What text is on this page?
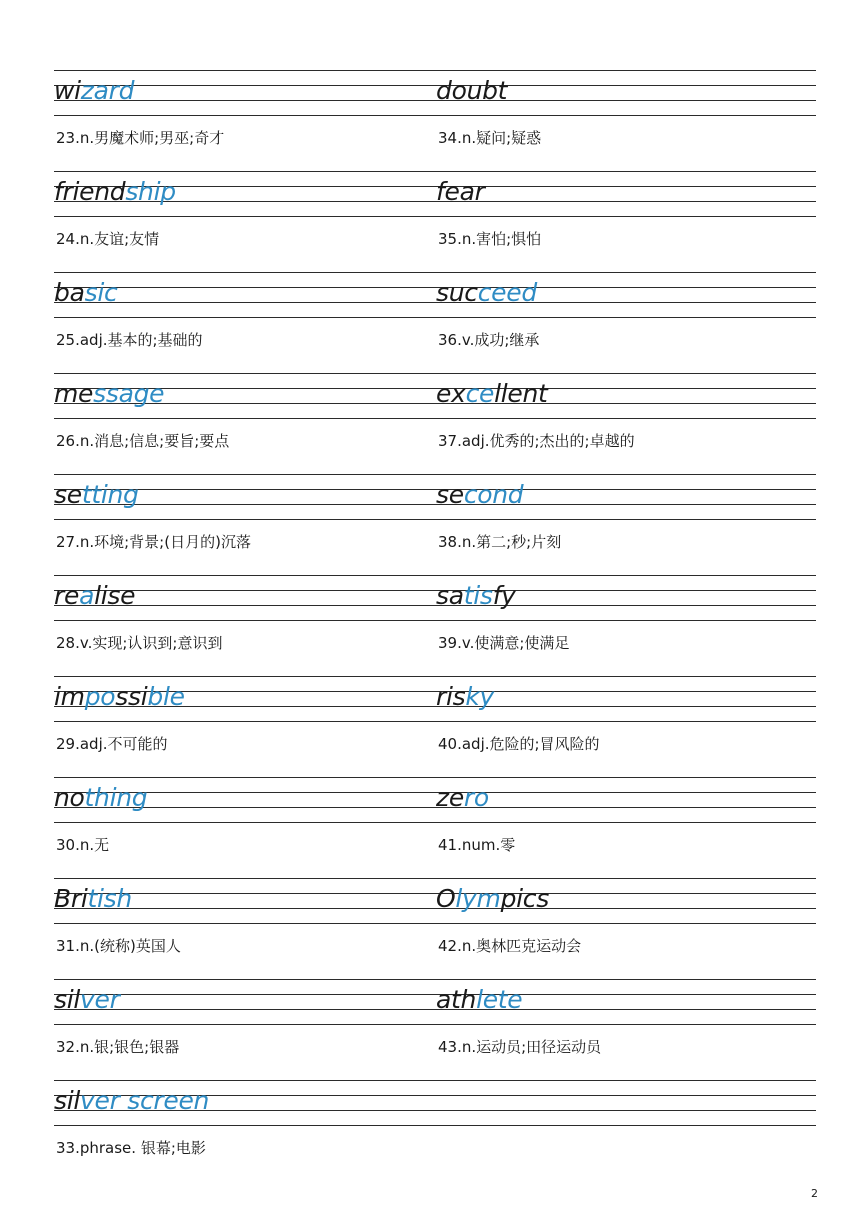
wizard
23.n.男魔术师;男巫;奇才
doubt
34.n.疑问;疑惑
friendship
24.n.友谊;友情
fear
35.n.害怕;惧怕
basic
25.adj.基本的;基础的
succeed
36.v.成功;继承
message
26.n.消息;信息;要旨;要点
excellent
37.adj.优秀的;杰出的;卓越的
setting
27.n.环境;背景;(日月的)沉落
second
38.n.第二;秒;片刻
realise
28.v.实现;认识到;意识到
satisfy
39.v.使满意;使满足
impossible
29.adj.不可能的
risky
40.adj.危险的;冒风险的
nothing
30.n.无
zero
41.num.零
British
31.n.(统称)英国人
Olympics
42.n.奥林匹克运动会
silver
32.n.银;银色;银器
athlete
43.n.运动员;田径运动员
silver screen
33.phrase. 银幕;电影
2
